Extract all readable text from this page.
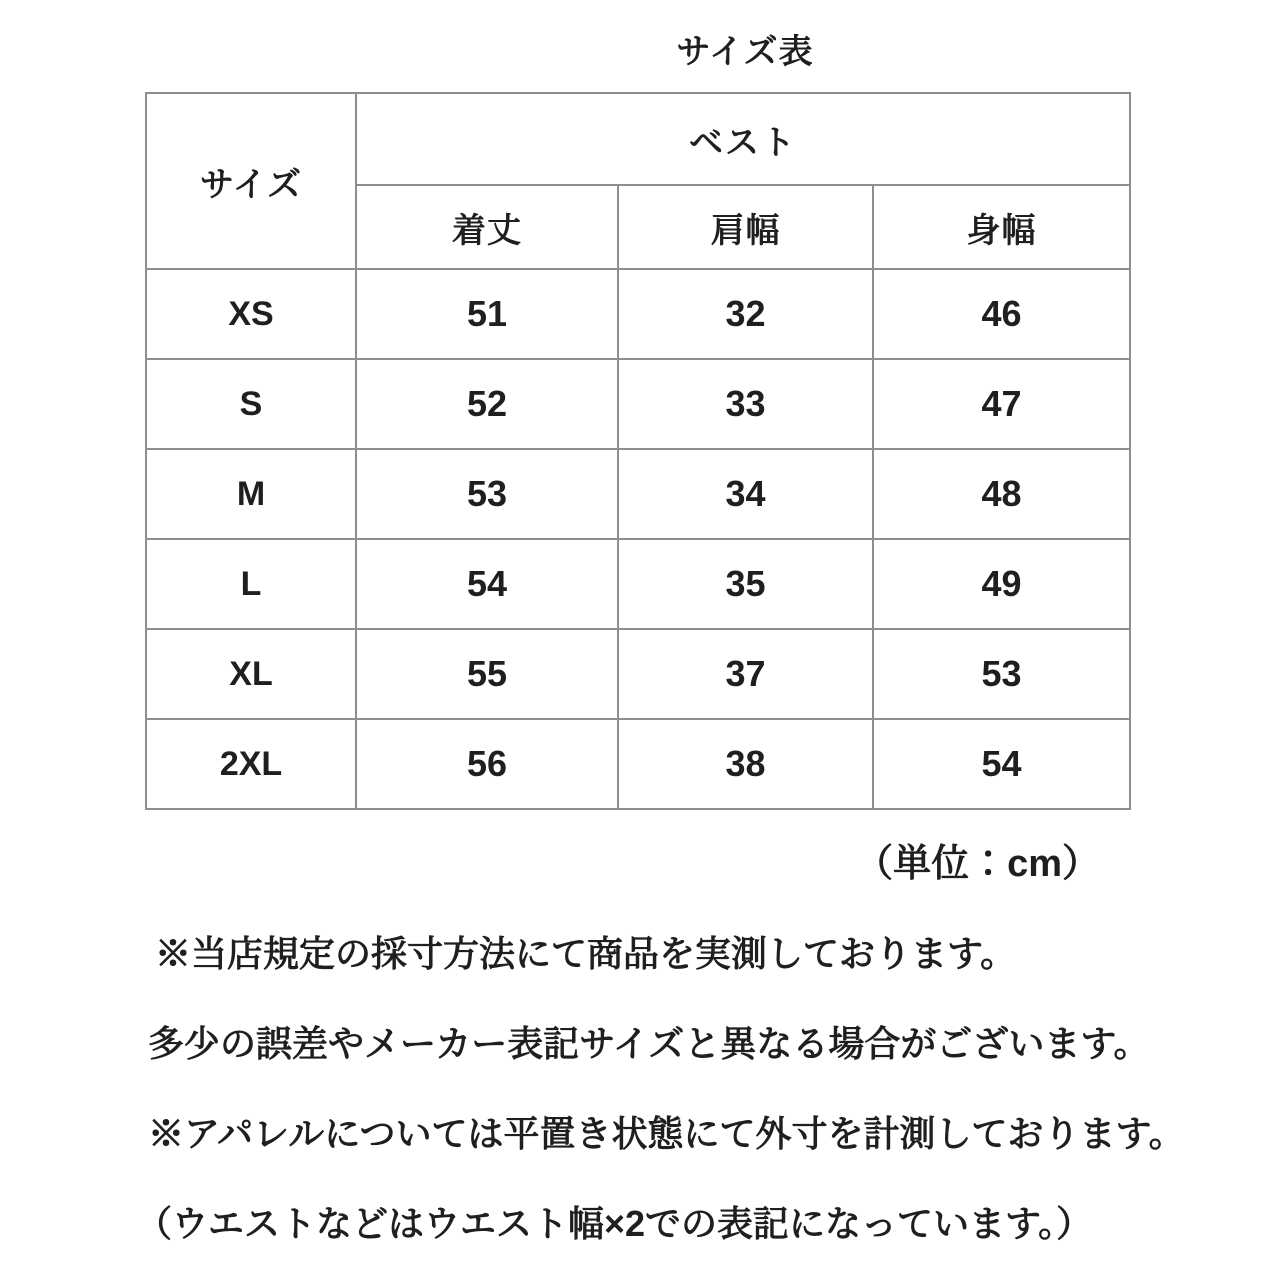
サイズ表
サイズ	ベスト		
	着丈	肩幅	身幅
XS	51	32	46
S	52	33	47
M	53	34	48
L	54	35	49
XL	55	37	53
2XL	56	38	54
（単位：cm）
※当店規定の採寸方法にて商品を実測しております。
多少の誤差やメーカー表記サイズと異なる場合がございます。
※アパレルについては平置き状態にて外寸を計測しております。
（ウエストなどはウエスト幅×2での表記になっています。）
